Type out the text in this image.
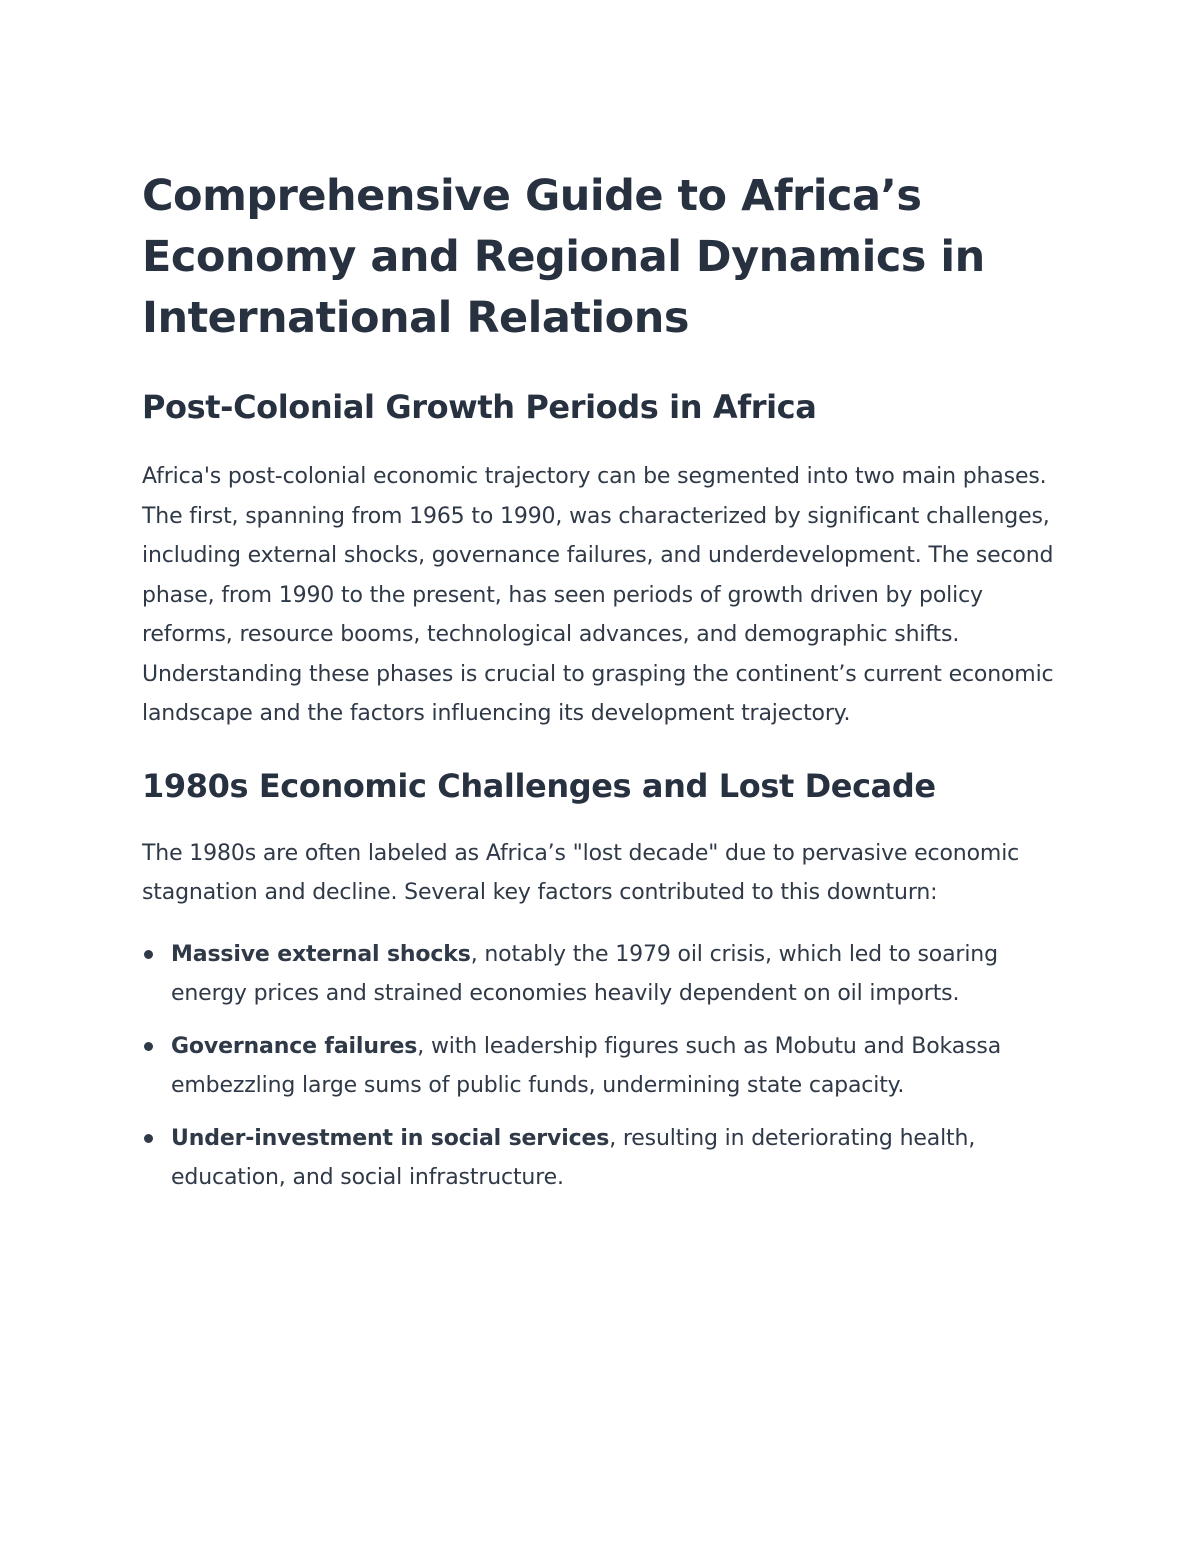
Comprehensive Guide to Africa’s Economy and Regional Dynamics in International Relations
Post-Colonial Growth Periods in Africa

Africa's post-colonial economic trajectory can be segmented into two main phases. The first, spanning from 1965 to 1990, was characterized by significant challenges, including external shocks, governance failures, and underdevelopment. The second phase, from 1990 to the present, has seen periods of growth driven by policy reforms, resource booms, technological advances, and demographic shifts. Understanding these phases is crucial to grasping the continent’s current economic landscape and the factors influencing its development trajectory.

1980s Economic Challenges and Lost Decade

The 1980s are often labeled as Africa’s "lost decade" due to pervasive economic stagnation and decline. Several key factors contributed to this downturn:

Massive external shocks, notably the 1979 oil crisis, which led to soaring energy prices and strained economies heavily dependent on oil imports.
Governance failures, with leadership figures such as Mobutu and Bokassa embezzling large sums of public funds, undermining state capacity.
Under-investment in social services, resulting in deteriorating health, education, and social infrastructure.
